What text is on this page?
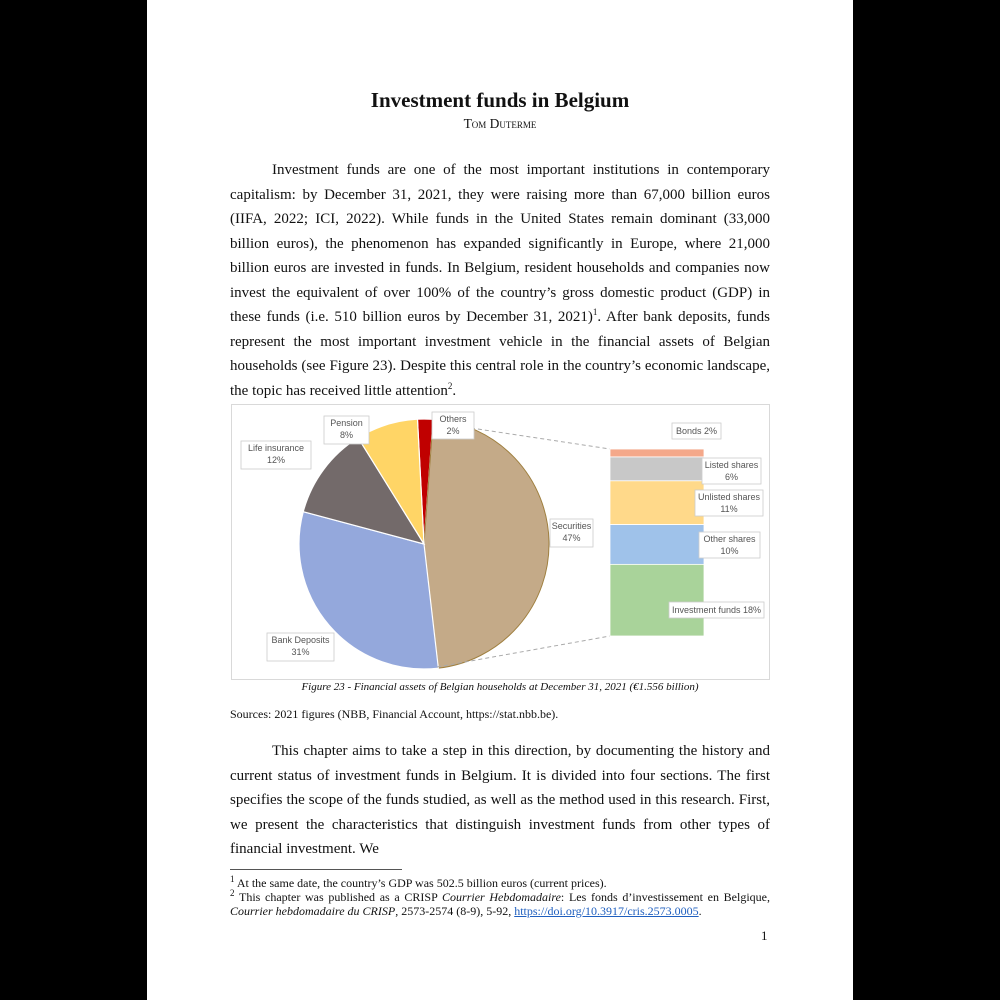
Investment funds in Belgium
Tom Duterme
Investment funds are one of the most important institutions in contemporary capitalism: by December 31, 2021, they were raising more than 67,000 billion euros (IIFA, 2022; ICI, 2022). While funds in the United States remain dominant (33,000 billion euros), the phenomenon has expanded significantly in Europe, where 21,000 billion euros are invested in funds. In Belgium, resident households and companies now invest the equivalent of over 100% of the country’s gross domestic product (GDP) in these funds (i.e. 510 billion euros by December 31, 2021)$^1$. After bank deposits, funds represent the most important investment vehicle in the financial assets of Belgian households (see Figure 23). Despite this central role in the country’s economic landscape, the topic has received little attention$^2$.
Others
2%
Securities
47%
Bank Deposits
31%
Life insurance
12%
Pension
8%	Bonds 2%
Listed shares
6%
Unlisted shares
11%
Other shares
10%
Investment funds 18%
Figure 23 - Financial assets of Belgian households at December 31, 2021 (€1.556 billion)
Sources: 2021 figures (NBB, Financial Account, https://stat.nbb.be).
This chapter aims to take a step in this direction, by documenting the history and current status of investment funds in Belgium. It is divided into four sections. The first specifies the scope of the funds studied, as well as the method used in this research. First, we present the characteristics that distinguish investment funds from other types of financial investment. We
$^1$ At the same date, the country’s GDP was 502.5 billion euros (current prices).
$^2$ This chapter was published as a CRISP Courrier Hebdomadaire: Les fonds d’investissement en Belgique, Courrier hebdomadaire du CRISP, 2573-2574 (8-9), 5-92, https://doi.org/10.3917/cris.2573.0005.
1
